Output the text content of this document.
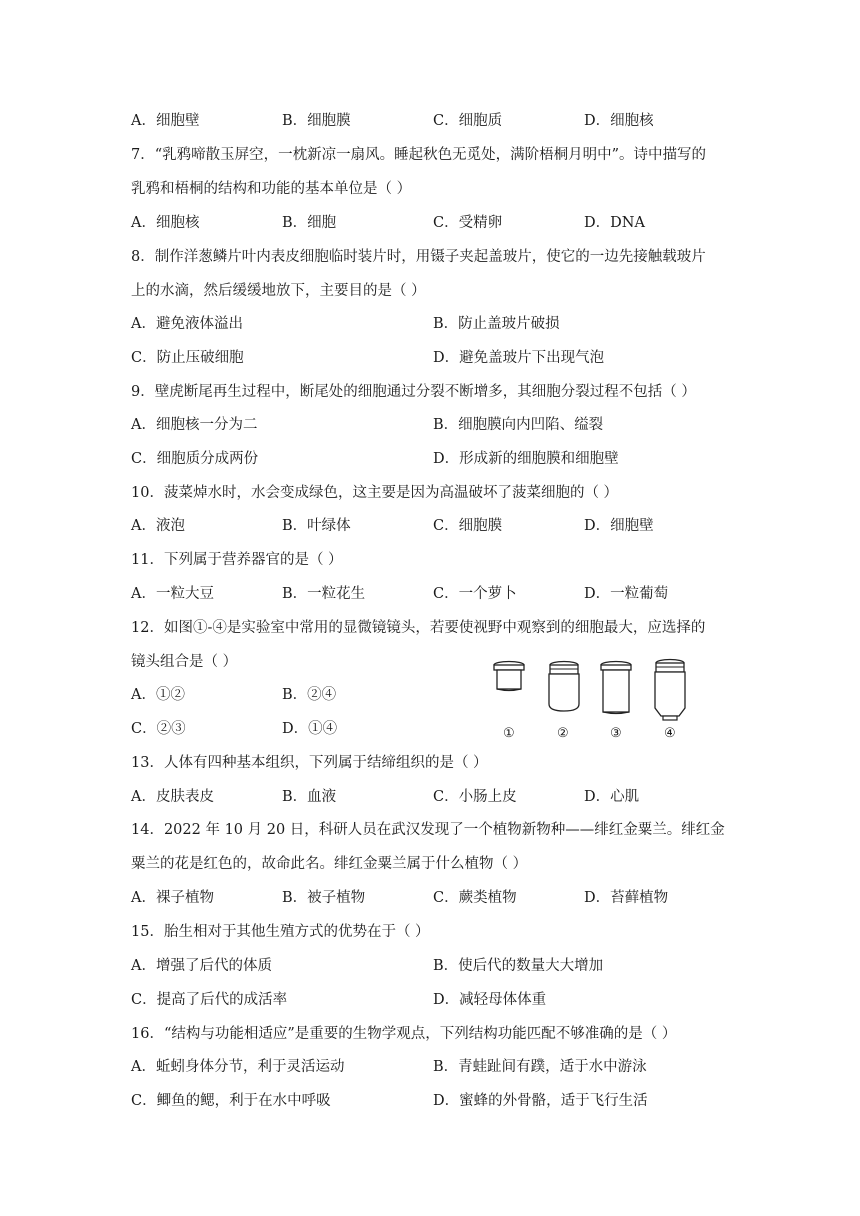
A．细胞壁	B．细胞膜	C．细胞质	D．细胞核
7．“乳鸦啼散玉屏空，一枕新凉一扇风。睡起秋色无觅处，满阶梧桐月明中”。诗中描写的
乳鸦和梧桐的结构和功能的基本单位是（ ）
A．细胞核	B．细胞	C．受精卵	D．DNA
8．制作洋葱鳞片叶内表皮细胞临时装片时，用镊子夹起盖玻片，使它的一边先接触载玻片
上的水滴，然后缓缓地放下，主要目的是（ ）
A．避免液体溢出	B．防止盖玻片破损
C．防止压破细胞	D．避免盖玻片下出现气泡
9．壁虎断尾再生过程中，断尾处的细胞通过分裂不断增多，其细胞分裂过程不包括（ ）
A．细胞核一分为二	B．细胞膜向内凹陷、缢裂
C．细胞质分成两份	D．形成新的细胞膜和细胞壁
10．菠菜焯水时，水会变成绿色，这主要是因为高温破坏了菠菜细胞的（ ）
A．液泡	B．叶绿体	C．细胞膜	D．细胞壁
11．下列属于营养器官的是（ ）
A．一粒大豆	B．一粒花生	C．一个萝卜	D．一粒葡萄
12．如图①-④是实验室中常用的显微镜镜头，若要使视野中观察到的细胞最大，应选择的
镜头组合是（ ）
A．①②	B．②④
C．②③	D．①④	①	②	③	④
13．人体有四种基本组织，下列属于结缔组织的是（ ）
A．皮肤表皮	B．血液	C．小肠上皮	D．心肌
14．2022 年 10 月 20 日，科研人员在武汉发现了一个植物新物种——绯红金粟兰。绯红金
粟兰的花是红色的，故命此名。绯红金粟兰属于什么植物（ ）
A．裸子植物	B．被子植物	C．蕨类植物	D．苔藓植物
15．胎生相对于其他生殖方式的优势在于（ ）
A．增强了后代的体质	B．使后代的数量大大增加
C．提高了后代的成活率	D．减轻母体体重
16．“结构与功能相适应”是重要的生物学观点，下列结构功能匹配不够准确的是（ ）
A．蚯蚓身体分节，利于灵活运动	B．青蛙趾间有蹼，适于水中游泳
C．鲫鱼的鳃，利于在水中呼吸	D．蜜蜂的外骨骼，适于飞行生活
